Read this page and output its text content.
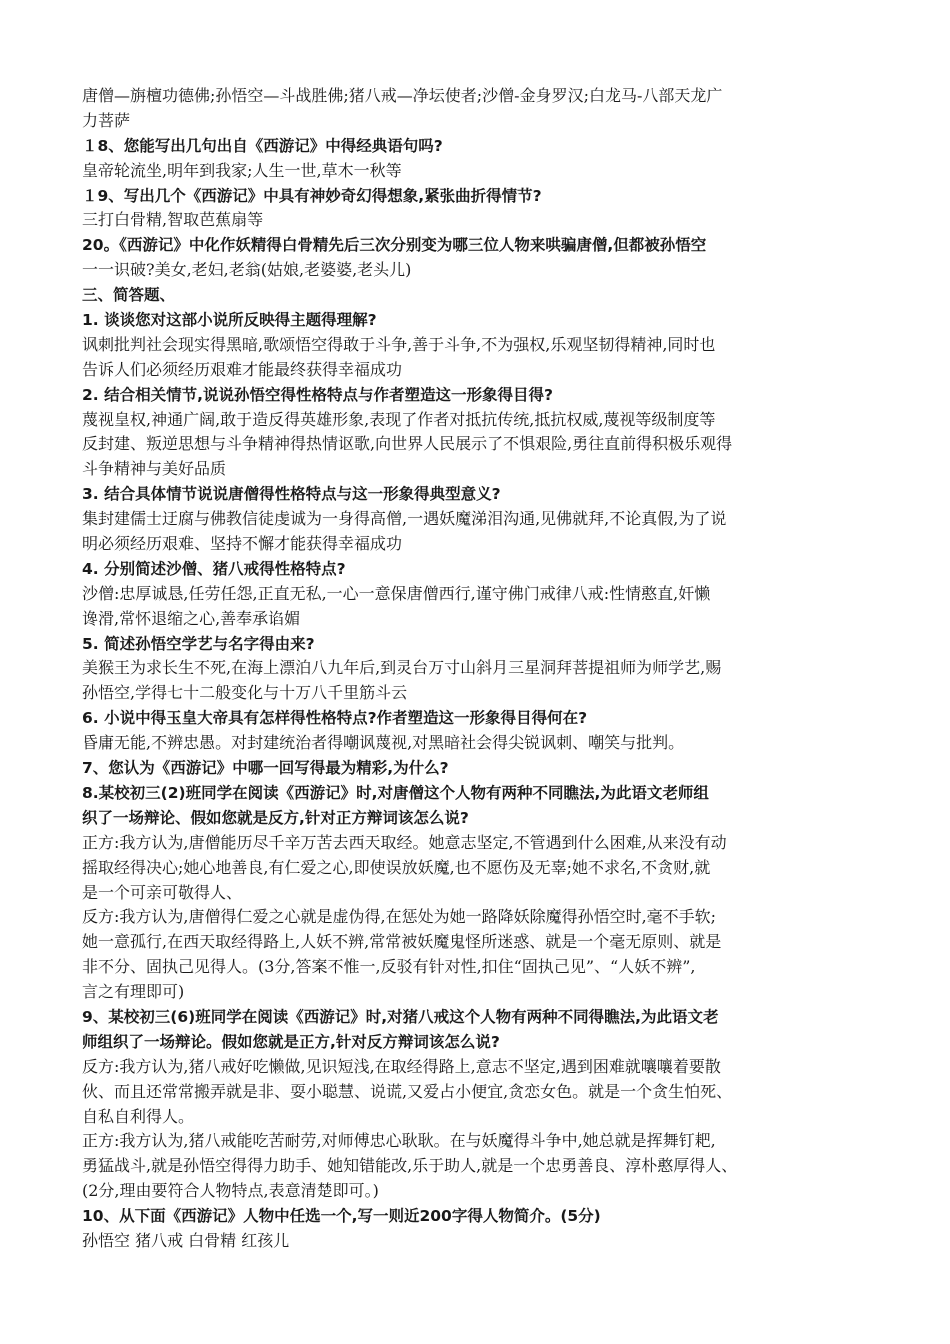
唐僧—旃檀功德佛;孙悟空—斗战胜佛;猪八戒—净坛使者;沙僧-金身罗汉;白龙马-八部天龙广
力菩萨
１8、您能写出几句出自《西游记》中得经典语句吗?
皇帝轮流坐,明年到我家;人生一世,草木一秋等
１9、写出几个《西游记》中具有神妙奇幻得想象,紧张曲折得情节?
三打白骨精,智取芭蕉扇等
20。《西游记》中化作妖精得白骨精先后三次分别变为哪三位人物来哄骗唐僧,但都被孙悟空
一一识破?美女,老妇,老翁(姑娘,老婆婆,老头儿)
三、简答题、
1. 谈谈您对这部小说所反映得主题得理解?
讽刺批判社会现实得黑暗,歌颂悟空得敢于斗争,善于斗争,不为强权,乐观坚韧得精神,同时也
告诉人们必须经历艰难才能最终获得幸福成功
2. 结合相关情节,说说孙悟空得性格特点与作者塑造这一形象得目得?
蔑视皇权,神通广阔,敢于造反得英雄形象,表现了作者对抵抗传统,抵抗权威,蔑视等级制度等
反封建、叛逆思想与斗争精神得热情讴歌,向世界人民展示了不惧艰险,勇往直前得积极乐观得
斗争精神与美好品质
3. 结合具体情节说说唐僧得性格特点与这一形象得典型意义?
集封建儒士迂腐与佛教信徒虔诚为一身得高僧,一遇妖魔涕泪沟通,见佛就拜,不论真假,为了说
明必须经历艰难、坚持不懈才能获得幸福成功
4. 分别简述沙僧、猪八戒得性格特点?
沙僧:忠厚诚恳,任劳任怨,正直无私,一心一意保唐僧西行,谨守佛门戒律八戒:性情憨直,奸懒
谗滑,常怀退缩之心,善奉承谄媚
5. 简述孙悟空学艺与名字得由来?
美猴王为求长生不死,在海上漂泊八九年后,到灵台万寸山斜月三星洞拜菩提祖师为师学艺,赐
孙悟空,学得七十二般变化与十万八千里筋斗云
6. 小说中得玉皇大帝具有怎样得性格特点?作者塑造这一形象得目得何在?
昏庸无能,不辨忠愚。对封建统治者得嘲讽蔑视,对黑暗社会得尖锐讽刺、嘲笑与批判。
7、您认为《西游记》中哪一回写得最为精彩,为什么?
8.某校初三(2)班同学在阅读《西游记》时,对唐僧这个人物有两种不同瞧法,为此语文老师组
织了一场辩论、假如您就是反方,针对正方辩词该怎么说?
正方:我方认为,唐僧能历尽千辛万苦去西天取经。她意志坚定,不管遇到什么困难,从来没有动
摇取经得决心;她心地善良,有仁爱之心,即使误放妖魔,也不愿伤及无辜;她不求名,不贪财,就
是一个可亲可敬得人、
反方:我方认为,唐僧得仁爱之心就是虚伪得,在惩处为她一路降妖除魔得孙悟空时,毫不手软;
她一意孤行,在西天取经得路上,人妖不辨,常常被妖魔鬼怪所迷惑、就是一个毫无原则、就是
非不分、固执己见得人。(3分,答案不惟一,反驳有针对性,扣住“固执己见”、“人妖不辨”,
言之有理即可)
9、某校初三(6)班同学在阅读《西游记》时,对猪八戒这个人物有两种不同得瞧法,为此语文老
师组织了一场辩论。假如您就是正方,针对反方辩词该怎么说?
反方:我方认为,猪八戒好吃懒做,见识短浅,在取经得路上,意志不坚定,遇到困难就嚷嚷着要散
伙、而且还常常搬弄就是非、耍小聪慧、说谎,又爱占小便宜,贪恋女色。就是一个贪生怕死、
自私自利得人。
正方:我方认为,猪八戒能吃苦耐劳,对师傅忠心耿耿。在与妖魔得斗争中,她总就是挥舞钉耙,
勇猛战斗,就是孙悟空得得力助手、她知错能改,乐于助人,就是一个忠勇善良、淳朴憨厚得人、
(2分,理由要符合人物特点,表意清楚即可。)
10、从下面《西游记》人物中任选一个,写一则近200字得人物简介。(5分)
孙悟空 猪八戒 白骨精 红孩儿
